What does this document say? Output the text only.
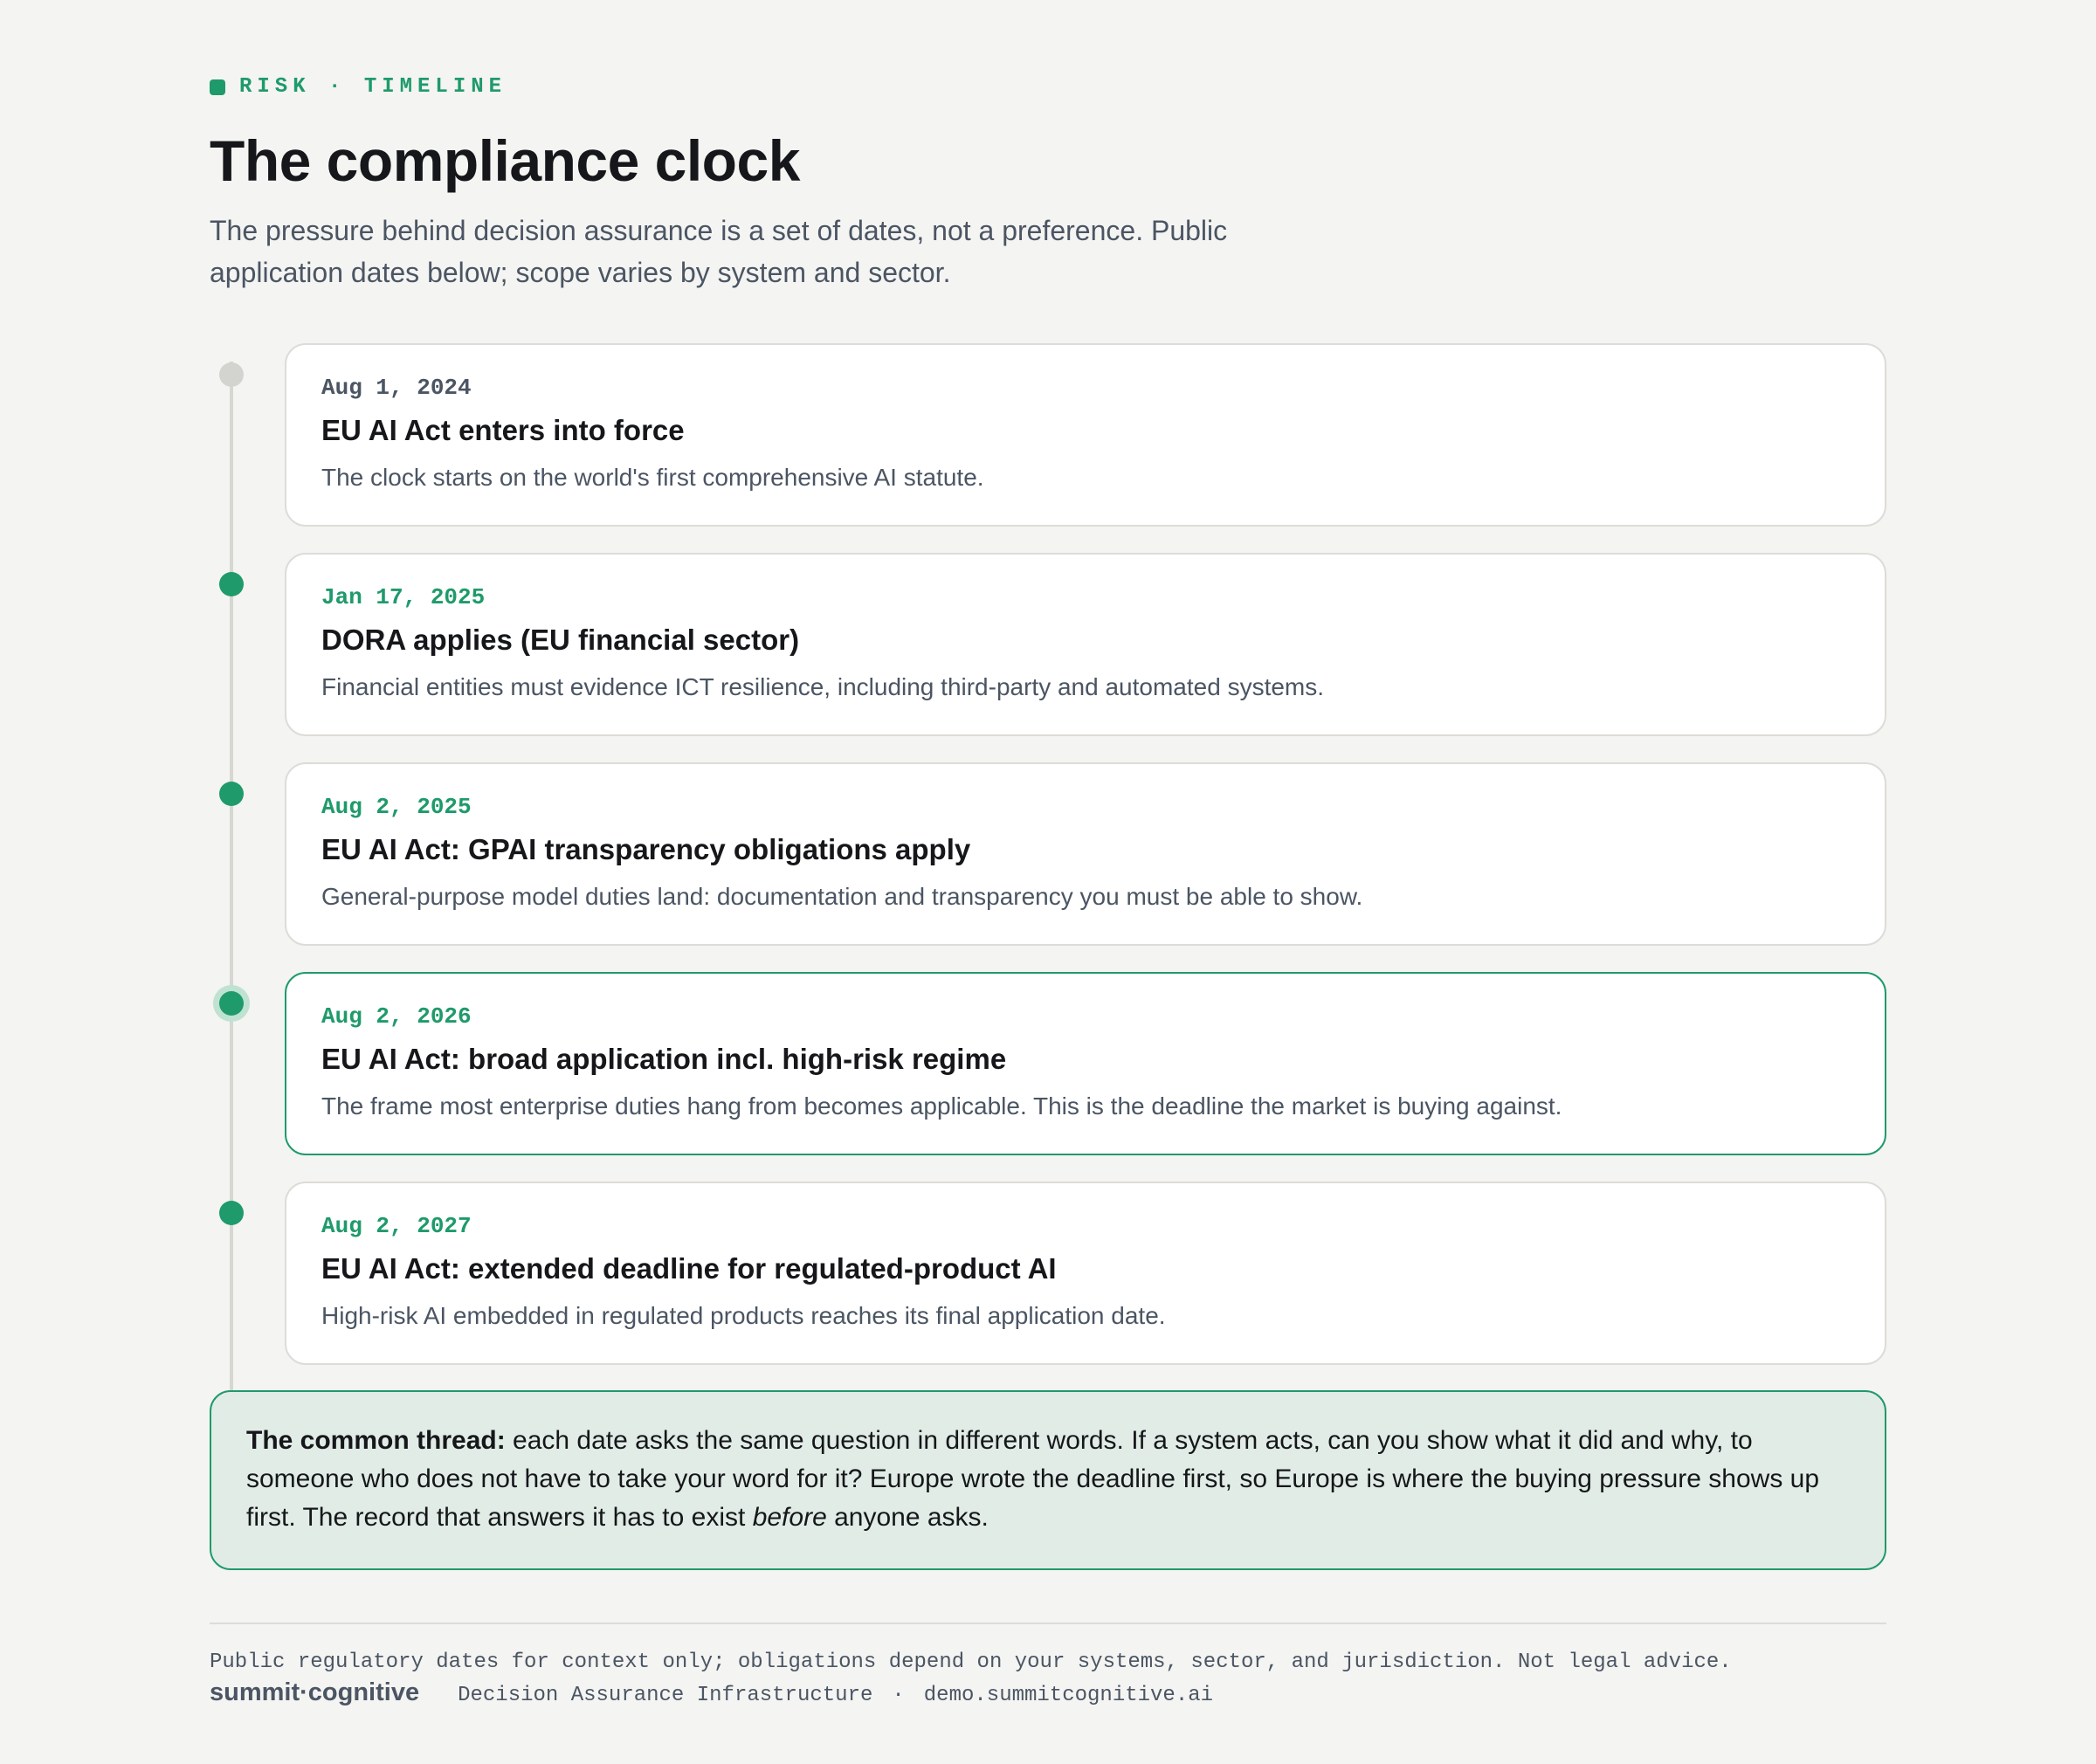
RISK · TIMELINE
The compliance clock

The pressure behind decision assurance is a set of dates, not a preference. Public application dates below; scope varies by system and sector.

Aug 1, 2024
EU AI Act enters into force
The clock starts on the world's first comprehensive AI statute.
Jan 17, 2025
DORA applies (EU financial sector)
Financial entities must evidence ICT resilience, including third-party and automated systems.
Aug 2, 2025
EU AI Act: GPAI transparency obligations apply
General-purpose model duties land: documentation and transparency you must be able to show.
Aug 2, 2026
EU AI Act: broad application incl. high-risk regime
The frame most enterprise duties hang from becomes applicable. This is the deadline the market is buying against.
Aug 2, 2027
EU AI Act: extended deadline for regulated-product AI
High-risk AI embedded in regulated products reaches its final application date.
The common thread: each date asks the same question in different words. If a system acts, can you show what it did and why, to someone who does not have to take your word for it? Europe wrote the deadline first, so Europe is where the buying pressure shows up first. The record that answers it has to exist before anyone asks.
Public regulatory dates for context only; obligations depend on your systems, sector, and jurisdiction. Not legal advice.
summit·cognitive Decision Assurance Infrastructure · demo.summitcognitive.ai
